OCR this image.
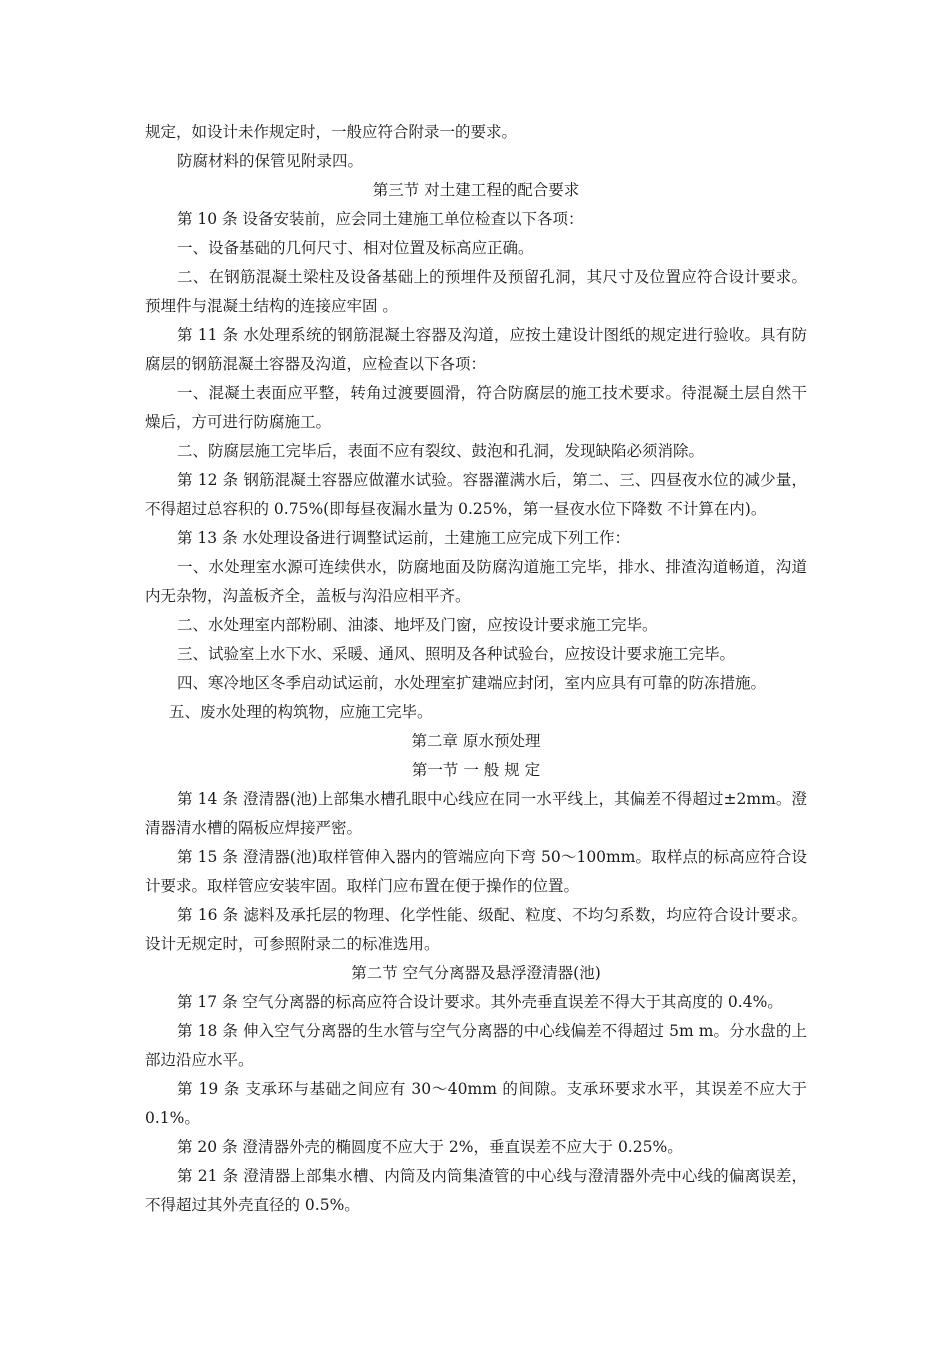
规定，如设计未作规定时，一般应符合附录一的要求。

防腐材料的保管见附录四。

第三节 对土建工程的配合要求

第 10 条 设备安装前，应会同土建施工单位检查以下各项：

一、设备基础的几何尺寸、相对位置及标高应正确。

二、在钢筋混凝土梁柱及设备基础上的预埋件及预留孔洞，其尺寸及位置应符合设计要求。预埋件与混凝土结构的连接应牢固 。

第 11 条 水处理系统的钢筋混凝土容器及沟道，应按土建设计图纸的规定进行验收。具有防腐层的钢筋混凝土容器及沟道，应检查以下各项：

一、混凝土表面应平整，转角过渡要圆滑，符合防腐层的施工技术要求。待混凝土层自然干燥后，方可进行防腐施工。

二、防腐层施工完毕后，表面不应有裂纹、鼓泡和孔洞，发现缺陷必须消除。

第 12 条 钢筋混凝土容器应做灌水试验。容器灌满水后，第二、三、四昼夜水位的减少量，不得超过总容积的 0.75%(即每昼夜漏水量为 0.25%，第一昼夜水位下降数 不计算在内)。

第 13 条 水处理设备进行调整试运前，土建施工应完成下列工作：

一、水处理室水源可连续供水，防腐地面及防腐沟道施工完毕，排水、排渣沟道畅道，沟道内无杂物，沟盖板齐全，盖板与沟沿应相平齐。

二、水处理室内部粉刷、油漆、地坪及门窗，应按设计要求施工完毕。

三、试验室上水下水、采暖、通风、照明及各种试验台，应按设计要求施工完毕。

四、寒冷地区冬季启动试运前，水处理室扩建端应封闭，室内应具有可靠的防冻措施。

五、废水处理的构筑物，应施工完毕。

第二章 原水预处理

第一节 一 般 规 定

第 14 条 澄清器(池)上部集水槽孔眼中心线应在同一水平线上，其偏差不得超过±2mm。澄清器清水槽的隔板应焊接严密。

第 15 条 澄清器(池)取样管伸入器内的管端应向下弯 50～100mm。取样点的标高应符合设计要求。取样管应安装牢固。取样门应布置在便于操作的位置。

第 16 条 滤料及承托层的物理、化学性能、级配、粒度、不均匀系数，均应符合设计要求。设计无规定时，可参照附录二的标准选用。

第二节 空气分离器及悬浮澄清器(池)

第 17 条 空气分离器的标高应符合设计要求。其外壳垂直误差不得大于其高度的 0.4%。

第 18 条 伸入空气分离器的生水管与空气分离器的中心线偏差不得超过 5m m。分水盘的上部边沿应水平。

第 19 条 支承环与基础之间应有 30～40mm 的间隙。支承环要求水平，其误差不应大于 0.1%。

第 20 条 澄清器外壳的椭圆度不应大于 2%，垂直误差不应大于 0.25%。

第 21 条 澄清器上部集水槽、内筒及内筒集渣管的中心线与澄清器外壳中心线的偏离误差，不得超过其外壳直径的 0.5%。
